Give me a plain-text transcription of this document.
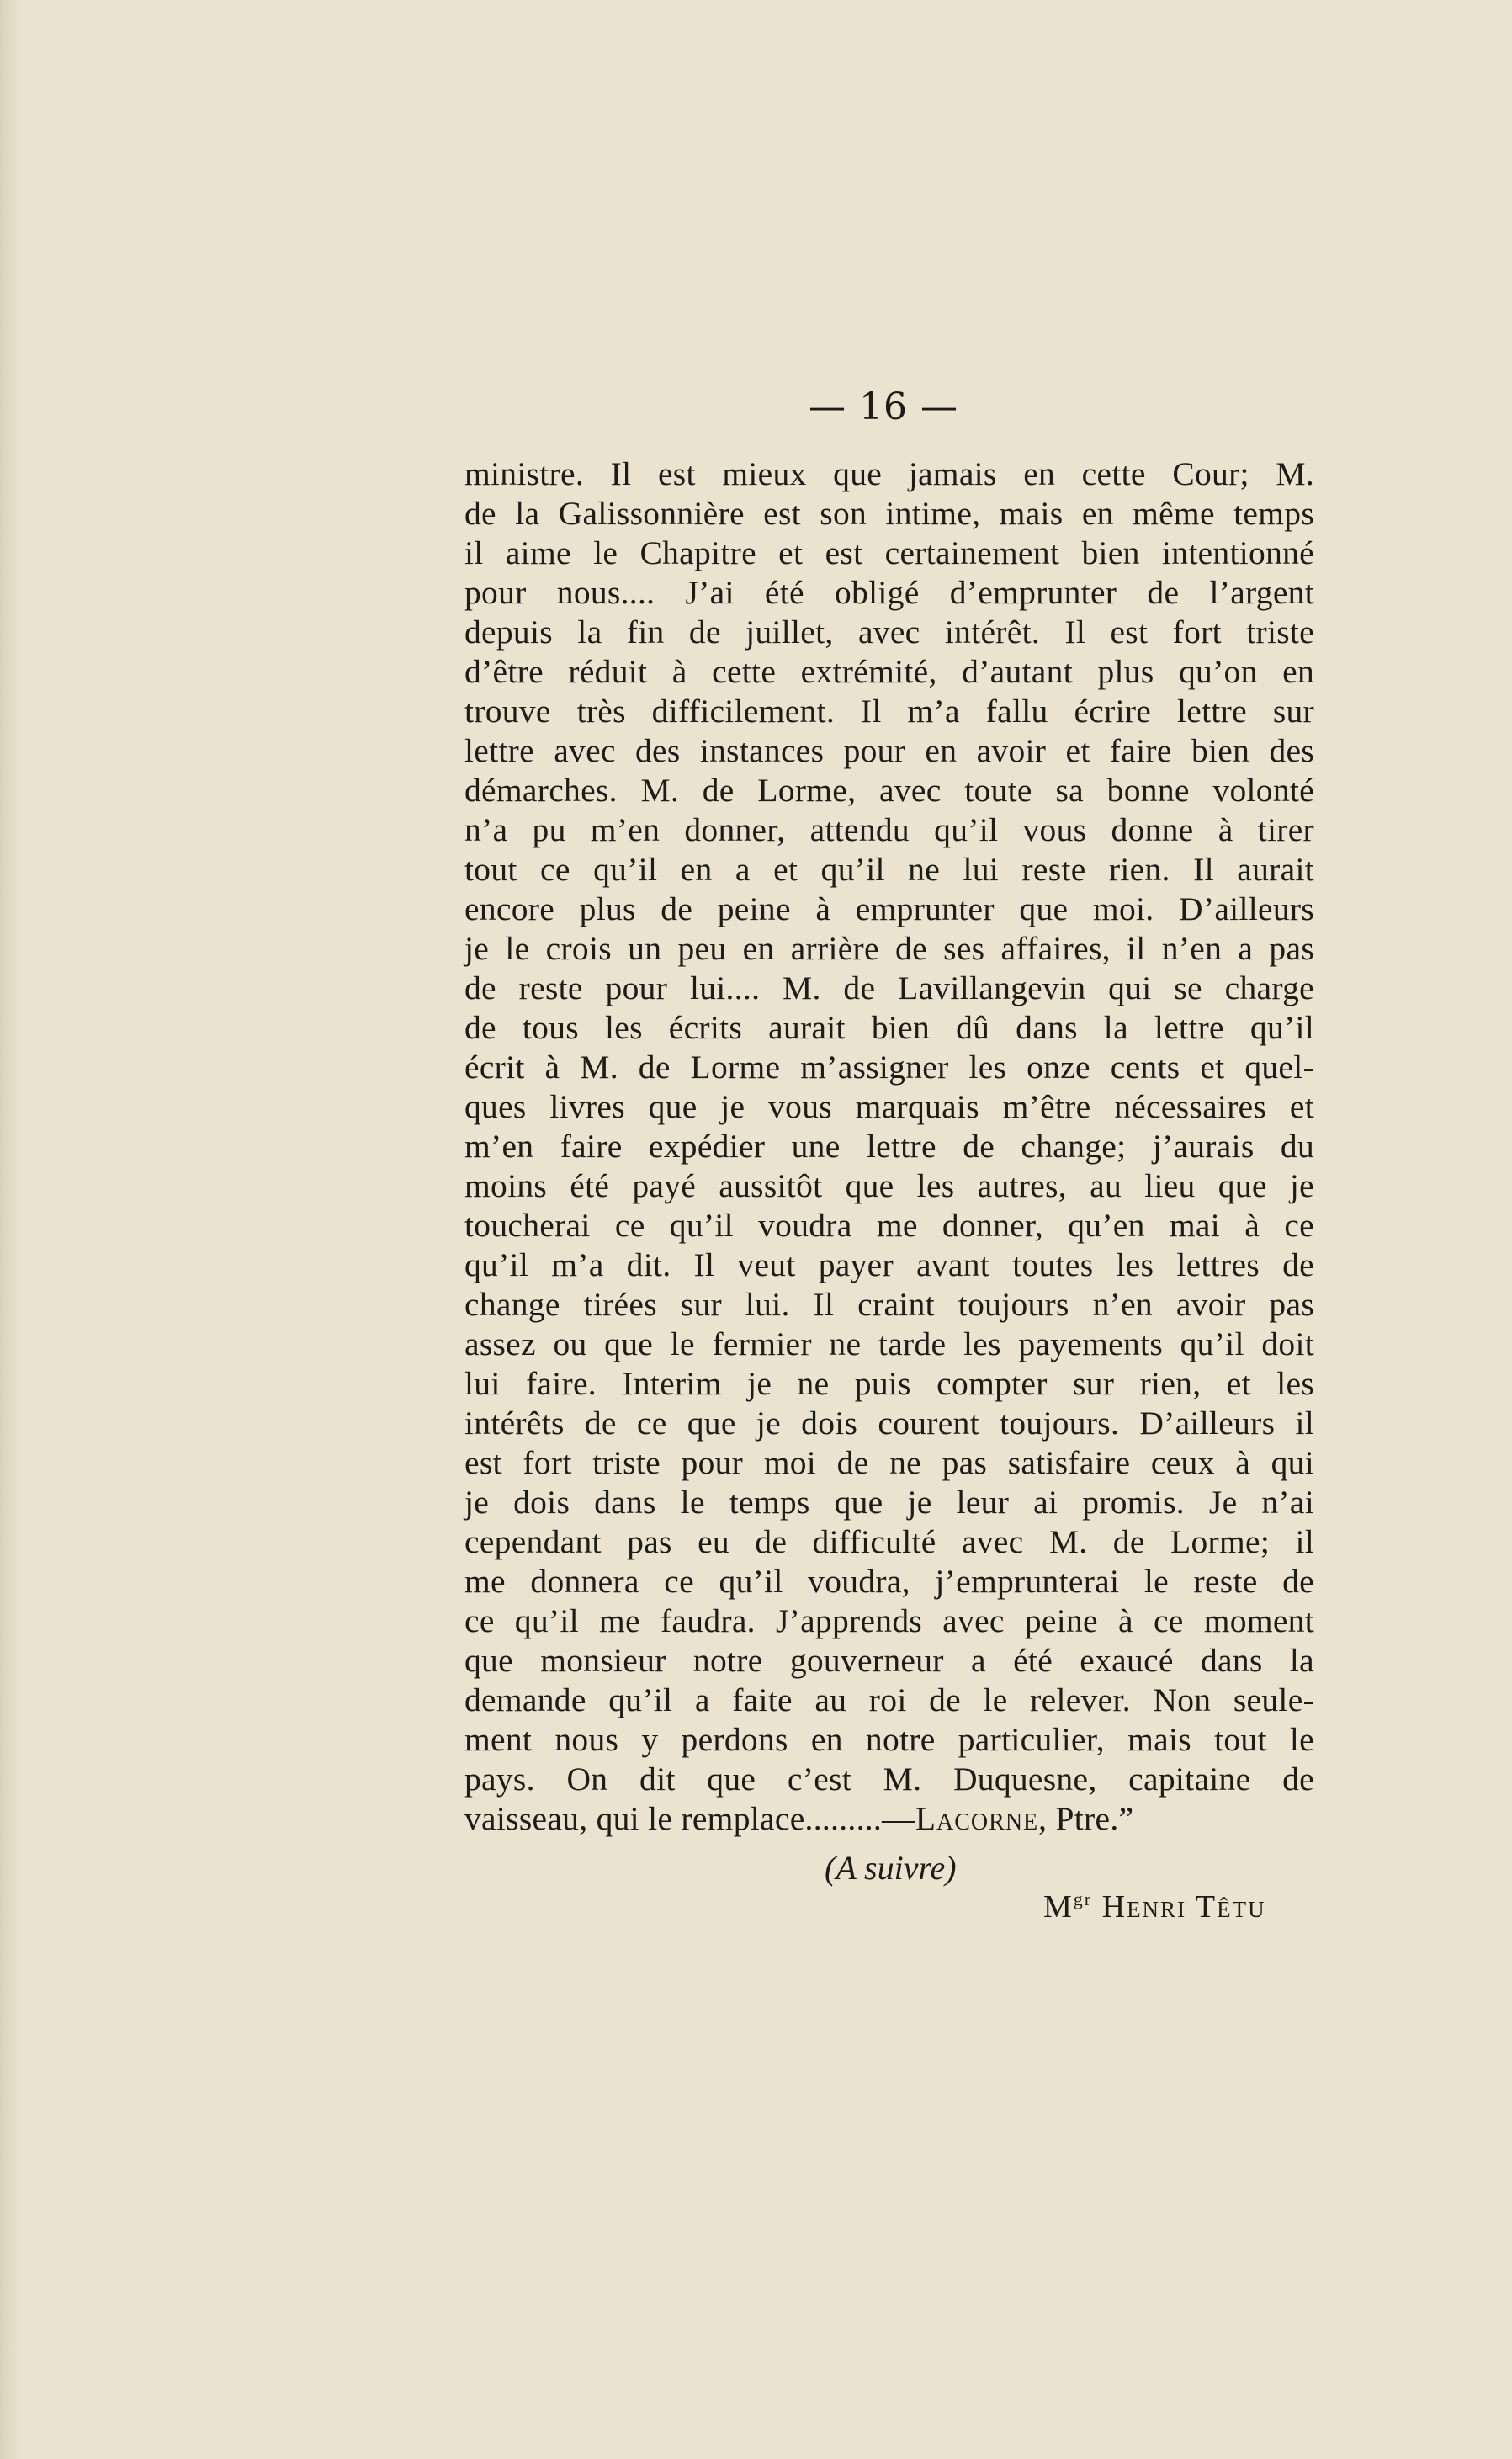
— 16 —
ministre. Il est mieux que jamais en cette Cour; M.
de la Galissonnière est son intime, mais en même temps
il aime le Chapitre et est certainement bien intentionné
pour nous.... J’ai été obligé d’emprunter de l’argent
depuis la fin de juillet, avec intérêt. Il est fort triste
d’être réduit à cette extrémité, d’autant plus qu’on en
trouve très difficilement. Il m’a fallu écrire lettre sur
lettre avec des instances pour en avoir et faire bien des
démarches. M. de Lorme, avec toute sa bonne volonté
n’a pu m’en donner, attendu qu’il vous donne à tirer
tout ce qu’il en a et qu’il ne lui reste rien. Il aurait
encore plus de peine à emprunter que moi. D’ailleurs
je le crois un peu en arrière de ses affaires, il n’en a pas
de reste pour lui.... M. de Lavillangevin qui se charge
de tous les écrits aurait bien dû dans la lettre qu’il
écrit à M. de Lorme m’assigner les onze cents et quel-
ques livres que je vous marquais m’être nécessaires et
m’en faire expédier une lettre de change; j’aurais du
moins été payé aussitôt que les autres, au lieu que je
toucherai ce qu’il voudra me donner, qu’en mai à ce
qu’il m’a dit. Il veut payer avant toutes les lettres de
change tirées sur lui. Il craint toujours n’en avoir pas
assez ou que le fermier ne tarde les payements qu’il doit
lui faire. Interim je ne puis compter sur rien, et les
intérêts de ce que je dois courent toujours. D’ailleurs il
est fort triste pour moi de ne pas satisfaire ceux à qui
je dois dans le temps que je leur ai promis. Je n’ai
cependant pas eu de difficulté avec M. de Lorme; il
me donnera ce qu’il voudra, j’emprunterai le reste de
ce qu’il me faudra. J’apprends avec peine à ce moment
que monsieur notre gouverneur a été exaucé dans la
demande qu’il a faite au roi de le relever. Non seule-
ment nous y perdons en notre particulier, mais tout le
pays. On dit que c’est M. Duquesne, capitaine de
vaisseau, qui le remplace.........—Lacorne, Ptre.”
(A suivre)
$M^{gr}$ Henri Têtu
